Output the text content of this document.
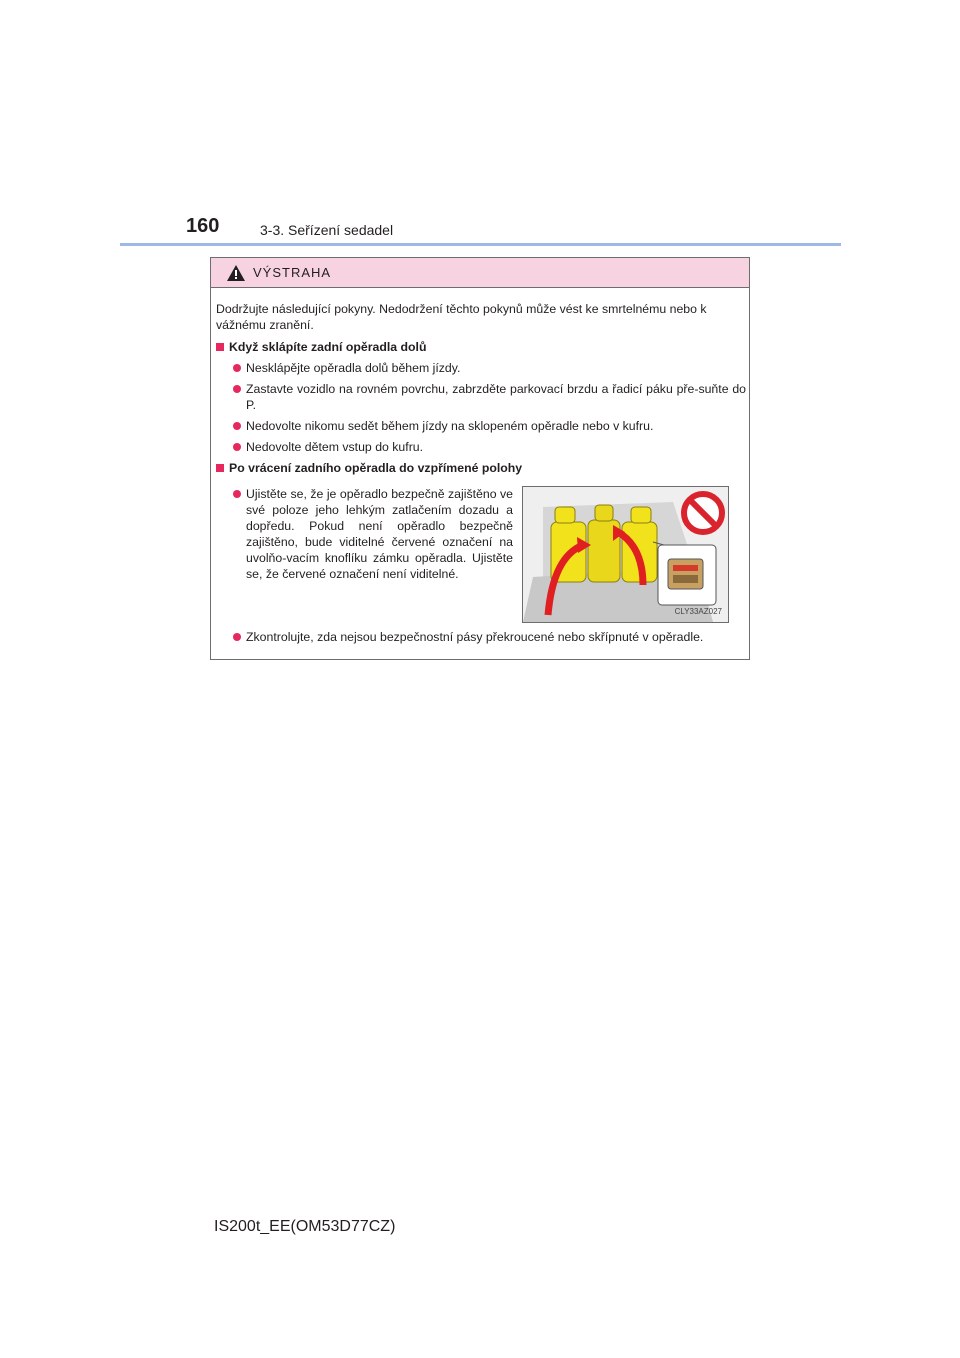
160	3-3. Seřízení sedadel
VÝSTRAHA

Dodržujte následující pokyny. Nedodržení těchto pokynů může vést ke smrtelnému nebo k vážnému zranění.

Když sklápíte zadní opěradla dolů
Nesklápějte opěradla dolů během jízdy.
Zastavte vozidlo na rovném povrchu, zabrzděte parkovací brzdu a řadicí páku pře-suňte do P.
Nedovolte nikomu sedět během jízdy na sklopeném opěradle nebo v kufru.
Nedovolte dětem vstup do kufru.
Po vrácení zadního opěradla do vzpřímené polohy
Ujistěte se, že je opěradlo bezpečně zajištěno ve své poloze jeho lehkým zatlačením dozadu a dopředu. Pokud není opěradlo bezpečně zajištěno, bude viditelné červené označení na uvolňo-vacím knoflíku zámku opěradla. Ujistěte se, že červené označení není viditelné.
CLY33AZ027
Zkontrolujte, zda nejsou bezpečnostní pásy překroucené nebo skřípnuté v opěradle.
IS200t_EE(OM53D77CZ)
